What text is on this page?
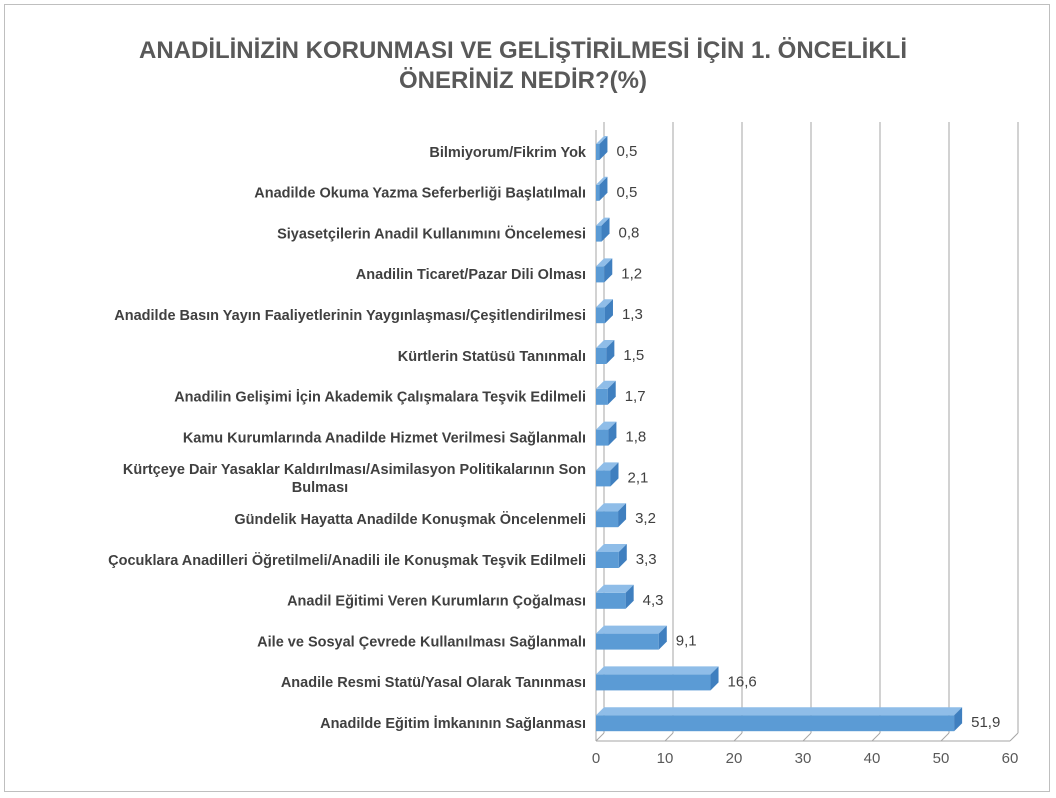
ANADİLİNİZİN KORUNMASI VE GELİŞTİRİLMESİ İÇİN 1. ÖNCELİKLİ
ÖNERİNİZ NEDİR?(%)
0	10	20	30	40	50	60
0,5
Bilmiyorum/Fikrim Yok
0,5
Anadilde Okuma Yazma Seferberliği Başlatılmalı
0,8
Siyasetçilerin Anadil Kullanımını Öncelemesi
1,2
Anadilin Ticaret/Pazar Dili Olması
1,3
Anadilde Basın Yayın Faaliyetlerinin Yaygınlaşması/Çeşitlendirilmesi
1,5
Kürtlerin Statüsü Tanınmalı
1,7
Anadilin Gelişimi İçin Akademik Çalışmalara Teşvik Edilmeli
1,8
Kamu Kurumlarında Anadilde Hizmet Verilmesi Sağlanmalı
2,1
Kürtçeye Dair Yasaklar Kaldırılması/Asimilasyon Politikalarının Son Bulması
3,2
Gündelik Hayatta Anadilde Konuşmak Öncelenmeli
3,3
Çocuklara Anadilleri Öğretilmeli/Anadili ile Konuşmak Teşvik Edilmeli
4,3
Anadil Eğitimi Veren Kurumların Çoğalması
9,1
Aile ve Sosyal Çevrede Kullanılması Sağlanmalı
16,6
Anadile Resmi Statü/Yasal Olarak Tanınması
51,9
Anadilde Eğitim İmkanının Sağlanması
